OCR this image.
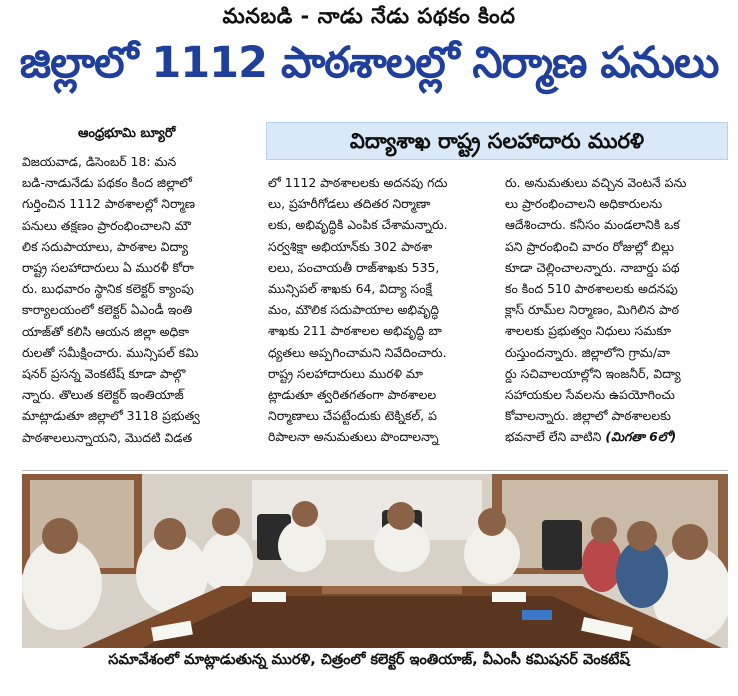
మనబడి - నాడు నేడు పథకం కింద
జిల్లాలో 1112 పాఠశాలల్లో నిర్మాణ పనులు
ఆంధ్రభూమి బ్యూరో	విద్యాశాఖ రాష్ట్ర సలహాదారు మురళి
విజయవాడ, డిసెంబర్ 18: మన
బడి-నాడునేడు పథకం కింద జిల్లాలో
గుర్తించిన 1112 పాఠశాలల్లో నిర్మాణ
పనులు తక్షణం ప్రారంభించాలని మౌ
లిక సదుపాయాలు, పాఠశాల విద్యా
రాష్ట్ర సలహాదారులు ఏ మురళీ కోరా
రు. బుధవారం స్థానిక కలెక్టర్ క్యాంపు
కార్యాలయంలో కలెక్టర్ ఏఎండీ ఇంతి
యాజ్‌తో కలిసి ఆయన జిల్లా అధికా
రులతో సమీక్షించారు. మున్సిపల్ కమి
షనర్ ప్రసన్న వెంకటేష్ కూడా పాల్గొ
న్నారు. తొలుత కలెక్టర్ ఇంతియాజ్
మాట్లాడుతూ జిల్లాలో 3118 ప్రభుత్వ
పాఠశాలలున్నాయని, మొదటి విడత
లో 1112 పాఠశాలలకు అదనపు గదు
లు, ప్రహరీగోడలు తదితర నిర్మాణా
లకు, అభివృద్ధికి ఎంపిక చేశామన్నారు.
సర్వశిక్షా అభియాన్‌కు 302 పాఠశా
లలు, పంచాయతీ రాజ్‌శాఖకు 535,
మున్సిపల్ శాఖకు 64, విద్యా సంక్షే
మం, మౌలిక సదుపాయాల అభివృద్ధి
శాఖకు 211 పాఠశాలల అభివృద్ధి బా
ధ్యతలు అప్పగించామని నివేదించారు.
రాష్ట్ర సలహాదారులు మురళి మా
ట్లాడుతూ త్వరితగతంగా పాఠశాలల
నిర్మాణాలు చేపట్టేందుకు టెక్నికల్, ప
రిపాలనా అనుమతులు పొందాలన్నా
రు. అనుమతులు వచ్చిన వెంటనే పను
లు ప్రారంభించాలని అధికారులను
ఆదేశించారు. కనీసం మండలానికి ఒక
పని ప్రారంభించి వారం రోజుల్లో బిల్లు
కూడా చెల్లించాలన్నారు. నాబార్డు పథ
కం కింద 510 పాఠశాలలకు అదనపు
క్లాస్ రూమ్‌ల నిర్మాణం, మిగిలిన పాఠ
శాలలకు ప్రభుత్వం నిధులు సమకూ
రుస్తుందన్నారు. జిల్లాలోని గ్రామ/వా
ర్డు సచివాలయాల్లోని ఇంజనీర్, విద్యా
సహాయకుల సేవలను ఉపయోగించు
కోవాలన్నారు. జిల్లాలో పాఠశాలలకు
భవనాలే లేని వాటిని (మిగతా 6లో)
సమావేశంలో మాట్లాడుతున్న మురళి, చిత్రంలో కలెక్టర్ ఇంతియాజ్, వీఎంసీ కమిషనర్ వెంకటేష్
